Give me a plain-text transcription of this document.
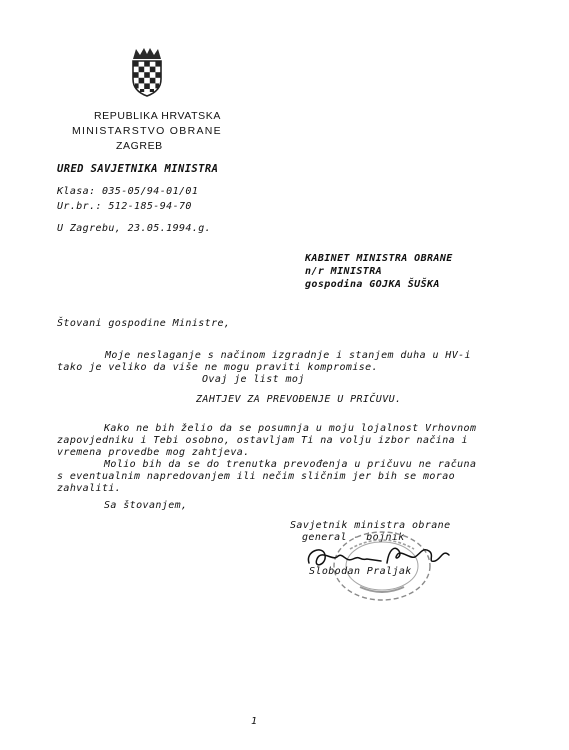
REPUBLIKA HRVATSKA
MINISTARSTVO OBRANE
ZAGREB
URED SAVJETNIKA MINISTRA
Klasa: 035-05/94-01/01
Ur.br.: 512-185-94-70
U Zagrebu, 23.05.1994.g.
KABINET MINISTRA OBRANE
n/r MINISTRA
gospodina GOJKA ŠUŠKA
Štovani gospodine Ministre,
Moje neslaganje s načinom izgradnje i stanjem duha u HV-i
tako je veliko da više ne mogu praviti kompromise.
Ovaj je list moj
ZAHTJEV ZA PREVOĐENJE U PRIČUVU.
Kako ne bih želio da se posumnja u moju lojalnost Vrhovnom
zapovjedniku i Tebi osobno, ostavljam Ti na volju izbor načina i
vremena provedbe mog zahtjeva.
Molio bih da se do trenutka prevođenja u pričuvu ne računa
s eventualnim napredovanjem ili nečim sličnim jer bih se morao
zahvaliti.
Sa štovanjem,
Savjetnik ministra obrane
general - bojnik
Slobodan Praljak
1
